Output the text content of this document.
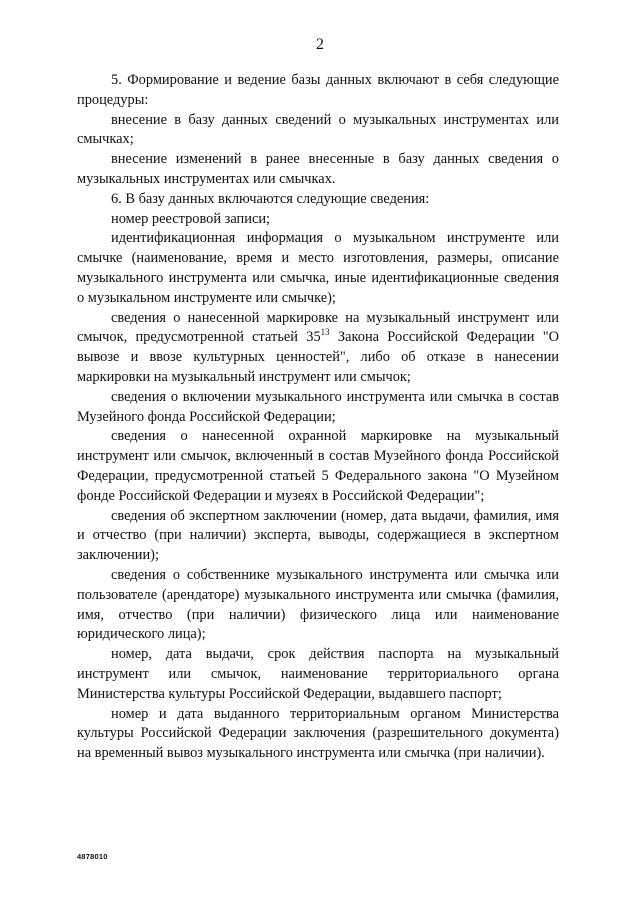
2

5. Формирование и ведение базы данных включают в себя следующие процедуры:

внесение в базу данных сведений о музыкальных инструментах или смычках;

внесение изменений в ранее внесенные в базу данных сведения о музыкальных инструментах или смычках.

6. В базу данных включаются следующие сведения:

номер реестровой записи;

идентификационная информация о музыкальном инструменте или смычке (наименование, время и место изготовления, размеры, описание музыкального инструмента или смычка, иные идентификационные сведения о музыкальном инструменте или смычке);

сведения о нанесенной маркировке на музыкальный инструмент или смычок, предусмотренной статьей $35^{13}$ Закона Российской Федерации "О вывозе и ввозе культурных ценностей", либо об отказе в нанесении маркировки на музыкальный инструмент или смычок;

сведения о включении музыкального инструмента или смычка в состав Музейного фонда Российской Федерации;

сведения о нанесенной охранной маркировке на музыкальный инструмент или смычок, включенный в состав Музейного фонда Российской Федерации, предусмотренной статьей 5 Федерального закона "О Музейном фонде Российской Федерации и музеях в Российской Федерации";

сведения об экспертном заключении (номер, дата выдачи, фамилия, имя и отчество (при наличии) эксперта, выводы, содержащиеся в экспертном заключении);

сведения о собственнике музыкального инструмента или смычка или пользователе (арендаторе) музыкального инструмента или смычка (фамилия, имя, отчество (при наличии) физического лица или наименование юридического лица);

номер, дата выдачи, срок действия паспорта на музыкальный инструмент или смычок, наименование территориального органа Министерства культуры Российской Федерации, выдавшего паспорт;

номер и дата выданного территориальным органом Министерства культуры Российской Федерации заключения (разрешительного документа) на временный вывоз музыкального инструмента или смычка (при наличии).

4878010
